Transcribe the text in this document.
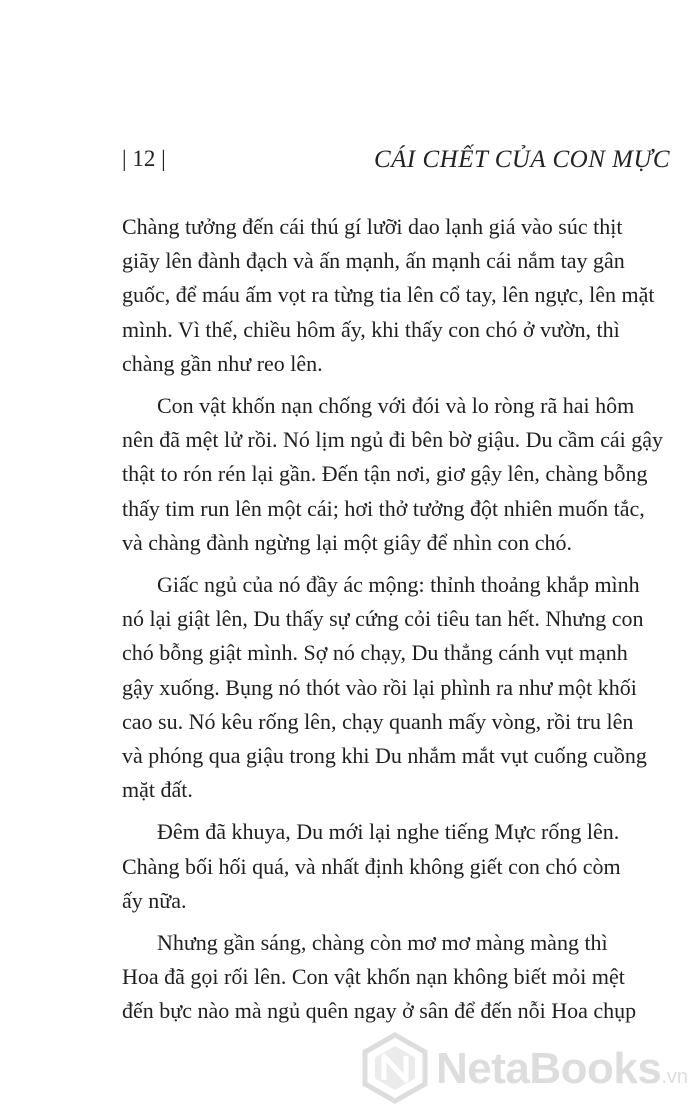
| 12 |	CÁI CHẾT CỦA CON MỰC

Chàng tưởng đến cái thú gí lưỡi dao lạnh giá vào súc thịt
giãy lên đành đạch và ấn mạnh, ấn mạnh cái nắm tay gân
guốc, để máu ấm vọt ra từng tia lên cổ tay, lên ngực, lên mặt
mình. Vì thế, chiều hôm ấy, khi thấy con chó ở vườn, thì
chàng gần như reo lên.

Con vật khốn nạn chống với đói và lo ròng rã hai hôm
nên đã mệt lử rồi. Nó lịm ngủ đi bên bờ giậu. Du cầm cái gậy
thật to rón rén lại gần. Đến tận nơi, giơ gậy lên, chàng bỗng
thấy tim run lên một cái; hơi thở tưởng đột nhiên muốn tắc,
và chàng đành ngừng lại một giây để nhìn con chó.

Giấc ngủ của nó đầy ác mộng: thỉnh thoảng khắp mình
nó lại giật lên, Du thấy sự cứng cỏi tiêu tan hết. Nhưng con
chó bỗng giật mình. Sợ nó chạy, Du thẳng cánh vụt mạnh
gậy xuống. Bụng nó thót vào rồi lại phình ra như một khối
cao su. Nó kêu rống lên, chạy quanh mấy vòng, rồi tru lên
và phóng qua giậu trong khi Du nhắm mắt vụt cuống cuồng
mặt đất.

Đêm đã khuya, Du mới lại nghe tiếng Mực rống lên.
Chàng bối hối quá, và nhất định không giết con chó còm
ấy nữa.

Nhưng gần sáng, chàng còn mơ mơ màng màng thì
Hoa đã gọi rối lên. Con vật khốn nạn không biết mỏi mệt
đến bực nào mà ngủ quên ngay ở sân để đến nỗi Hoa chụp

NetaBooks.vn
